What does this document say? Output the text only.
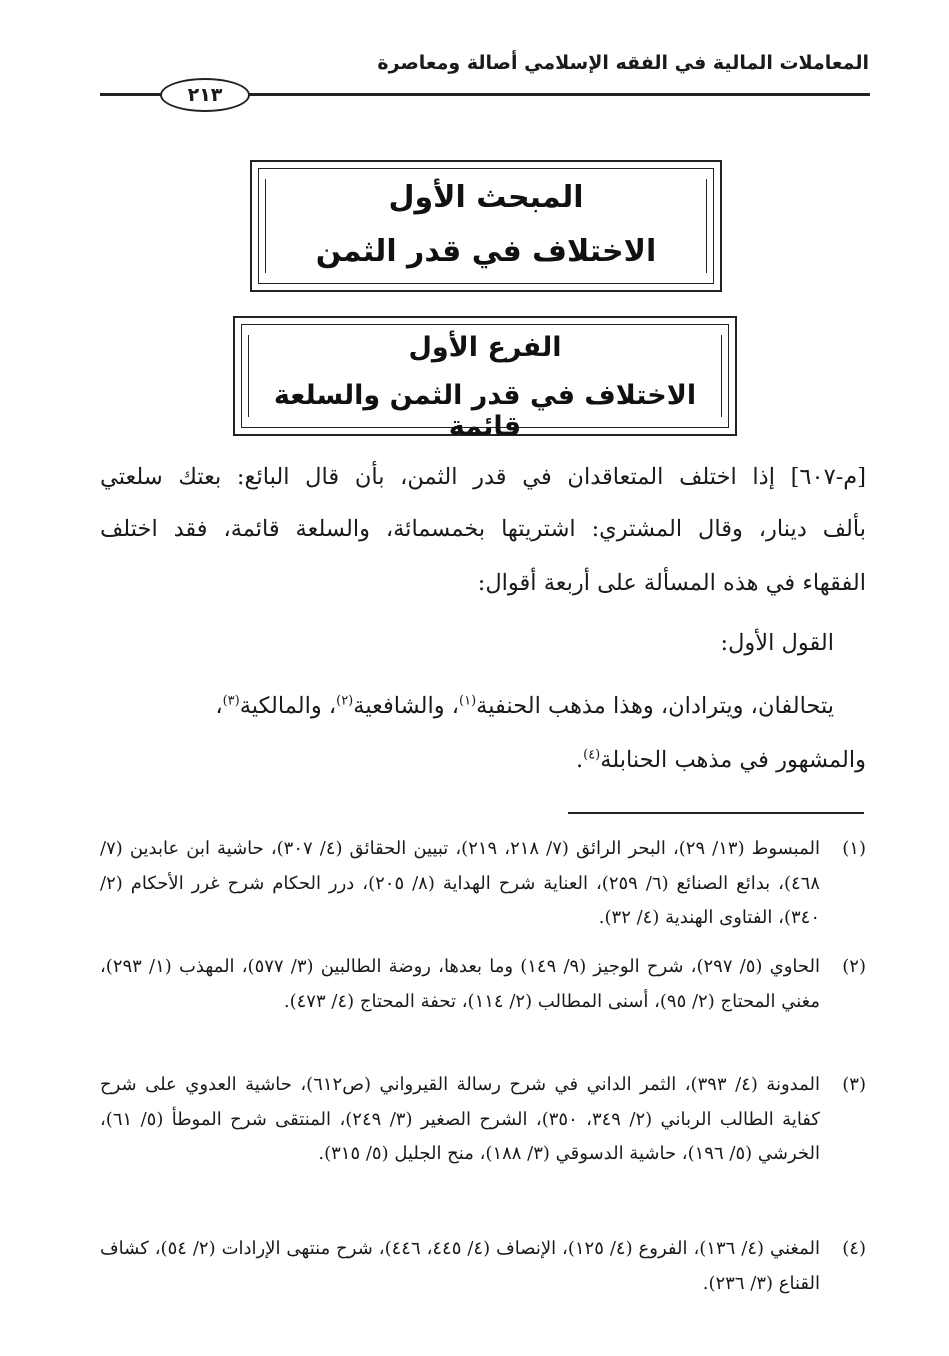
المعاملات المالية في الفقه الإسلامي أصالة ومعاصرة
٢١٣
المبحث الأول
الاختلاف في قدر الثمن
الفرع الأول
الاختلاف في قدر الثمن والسلعة قائمة
[م-٦٠٧] إذا اختلف المتعاقدان في قدر الثمن، بأن قال البائع: بعتك سلعتي
بألف دينار، وقال المشتري: اشتريتها بخمسمائة، والسلعة قائمة، فقد اختلف
الفقهاء في هذه المسألة على أربعة أقوال:
القول الأول:
يتحالفان، ويترادان، وهذا مذهب الحنفية$^{(١)}$، والشافعية$^{(٢)}$، والمالكية$^{(٣)}$،
والمشهور في مذهب الحنابلة$^{(٤)}$.
(١)
المبسوط (١٣/ ٢٩)، البحر الرائق (٧/ ٢١٨، ٢١٩)، تبيين الحقائق (٤/ ٣٠٧)، حاشية ابن عابدين (٧/ ٤٦٨)، بدائع الصنائع (٦/ ٢٥٩)، العناية شرح الهداية (٨/ ٢٠٥)، درر الحكام شرح غرر الأحكام (٢/ ٣٤٠)، الفتاوى الهندية (٤/ ٣٢).
(٢)
الحاوي (٥/ ٢٩٧)، شرح الوجيز (٩/ ١٤٩) وما بعدها، روضة الطالبين (٣/ ٥٧٧)، المهذب (١/ ٢٩٣)، مغني المحتاج (٢/ ٩٥)، أسنى المطالب (٢/ ١١٤)، تحفة المحتاج (٤/ ٤٧٣).
(٣)
المدونة (٤/ ٣٩٣)، الثمر الداني في شرح رسالة القيرواني (ص٦١٢)، حاشية العدوي على شرح كفاية الطالب الرباني (٢/ ٣٤٩، ٣٥٠)، الشرح الصغير (٣/ ٢٤٩)، المنتقى شرح الموطأ (٥/ ٦١)، الخرشي (٥/ ١٩٦)، حاشية الدسوقي (٣/ ١٨٨)، منح الجليل (٥/ ٣١٥).
(٤)
المغني (٤/ ١٣٦)، الفروع (٤/ ١٢٥)، الإنصاف (٤/ ٤٤٥، ٤٤٦)، شرح منتهى الإرادات (٢/ ٥٤)، كشاف القناع (٣/ ٢٣٦).
